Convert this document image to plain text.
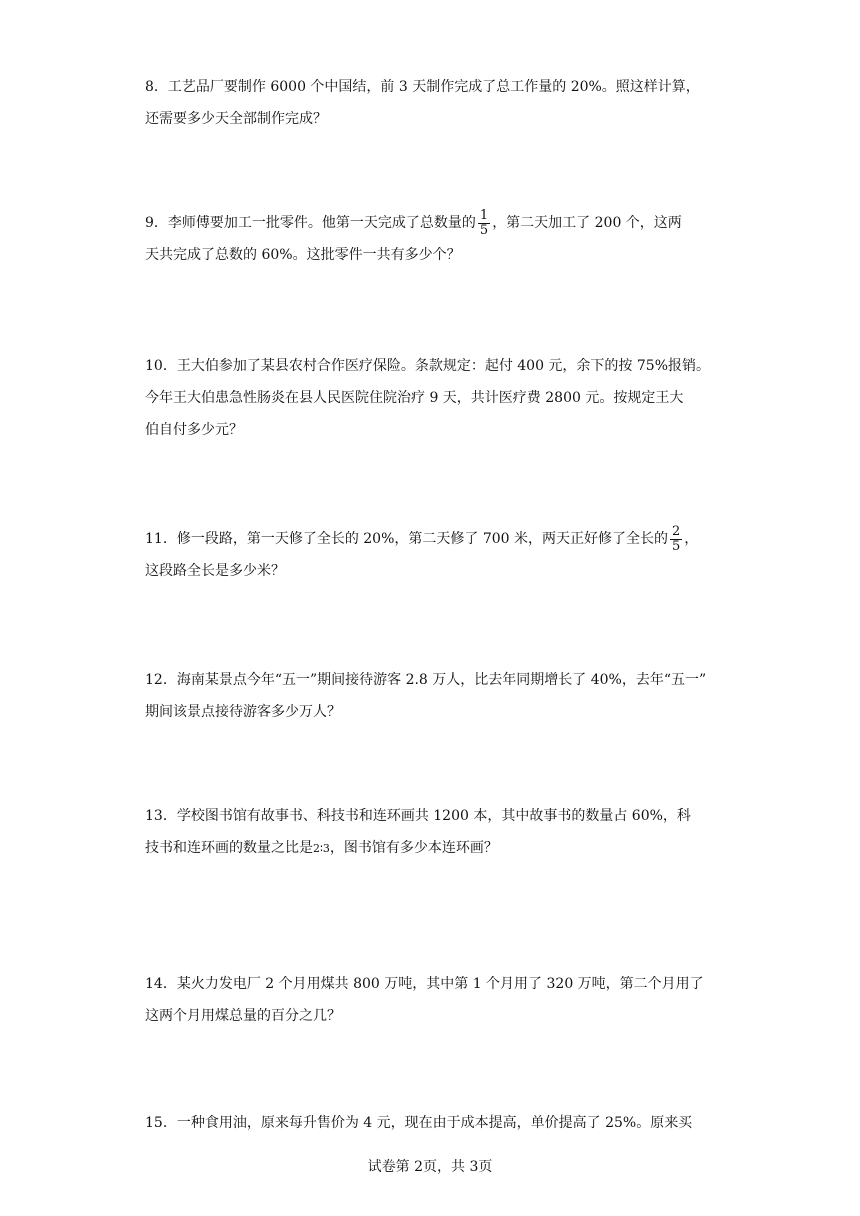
8．工艺品厂要制作 6000 个中国结，前 3 天制作完成了总工作量的 20%。照这样计算，
还需要多少天全部制作完成？
9．李师傅要加工一批零件。他第一天完成了总数量的 $\frac{1}{5}$ ，第二天加工了 200 个，这两
天共完成了总数的 60%。这批零件一共有多少个？
10．王大伯参加了某县农村合作医疗保险。条款规定：起付 400 元，余下的按 75%报销。
今年王大伯患急性肠炎在县人民医院住院治疗 9 天，共计医疗费 2800 元。按规定王大
伯自付多少元？
11．修一段路，第一天修了全长的 20%，第二天修了 700 米，两天正好修了全长的 $\frac{2}{5}$ ，
这段路全长是多少米？
12．海南某景点今年“五一”期间接待游客 2.8 万人，比去年同期增长了 40%，去年“五一”
期间该景点接待游客多少万人？
13．学校图书馆有故事书、科技书和连环画共 1200 本，其中故事书的数量占 60%，科
技书和连环画的数量之比是2∶3，图书馆有多少本连环画？
14．某火力发电厂 2 个月用煤共 800 万吨，其中第 1 个月用了 320 万吨，第二个月用了
这两个月用煤总量的百分之几？
15．一种食用油，原来每升售价为 4 元，现在由于成本提高，单价提高了 25%。原来买
试卷第 2页，共 3页
